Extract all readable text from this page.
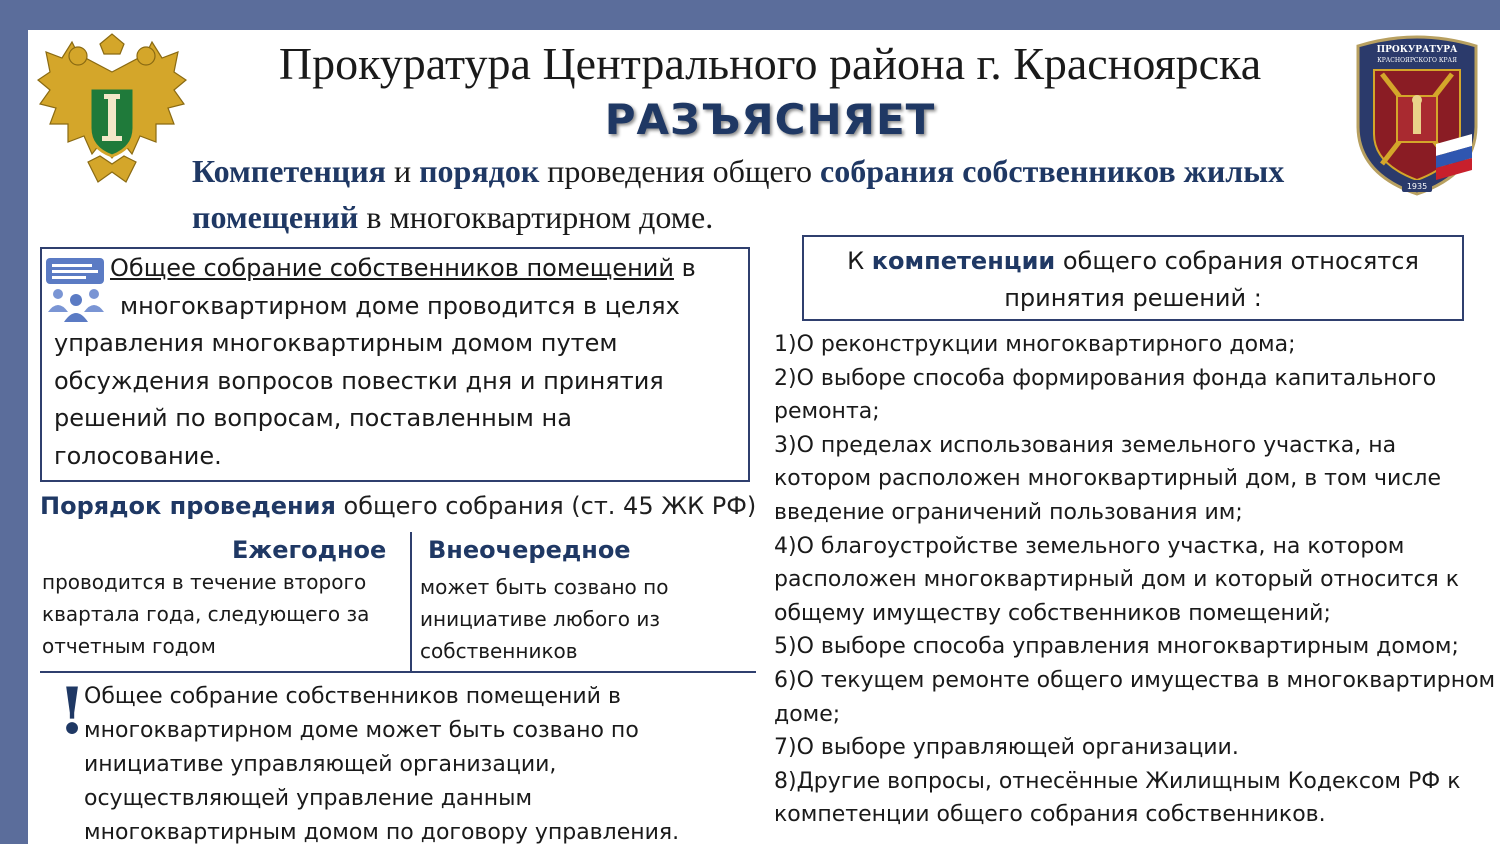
ПРОКУРАТУРА
КРАСНОЯРСКОГО КРАЯ
1935
Прокуратура Центрального района г. Красноярска
РАЗЪЯСНЯЕТ
Компетенция и порядок проведения общего собрания собственников жилых помещений в многоквартирном доме.
Общее собрание собственников помещений в
многоквартирном доме проводится в целях
управления многоквартирным домом путем обсуждения вопросов повестки дня и принятия решений по вопросам, поставленным на голосование.
Порядок проведения общего собрания (ст. 45 ЖК РФ)
Ежегодное Внеочередное
проводится в течение второго
квартала года, следующего за
отчетным годом
может быть созвано по
инициативе любого из
собственников
!
Общее собрание собственников помещений в
многоквартирном доме может быть созвано по
инициативе управляющей организации,
осуществляющей управление данным
многоквартирным домом по договору управления.
К компетенции общего собрания относятся
принятия решений :
1)О реконструкции многоквартирного дома;
2)О выборе способа формирования фонда капитального ремонта;
3)О пределах использования земельного участка, на котором расположен многоквартирный дом, в том числе введение ограничений пользования им;
4)О благоустройстве земельного участка, на котором расположен многоквартирный дом и который относится к общему имуществу собственников помещений;
5)О выборе способа управления многоквартирным домом;
6)О текущем ремонте общего имущества в многоквартирном доме;
7)О выборе управляющей организации.
8)Другие вопросы, отнесённые Жилищным Кодексом РФ к компетенции общего собрания собственников.
